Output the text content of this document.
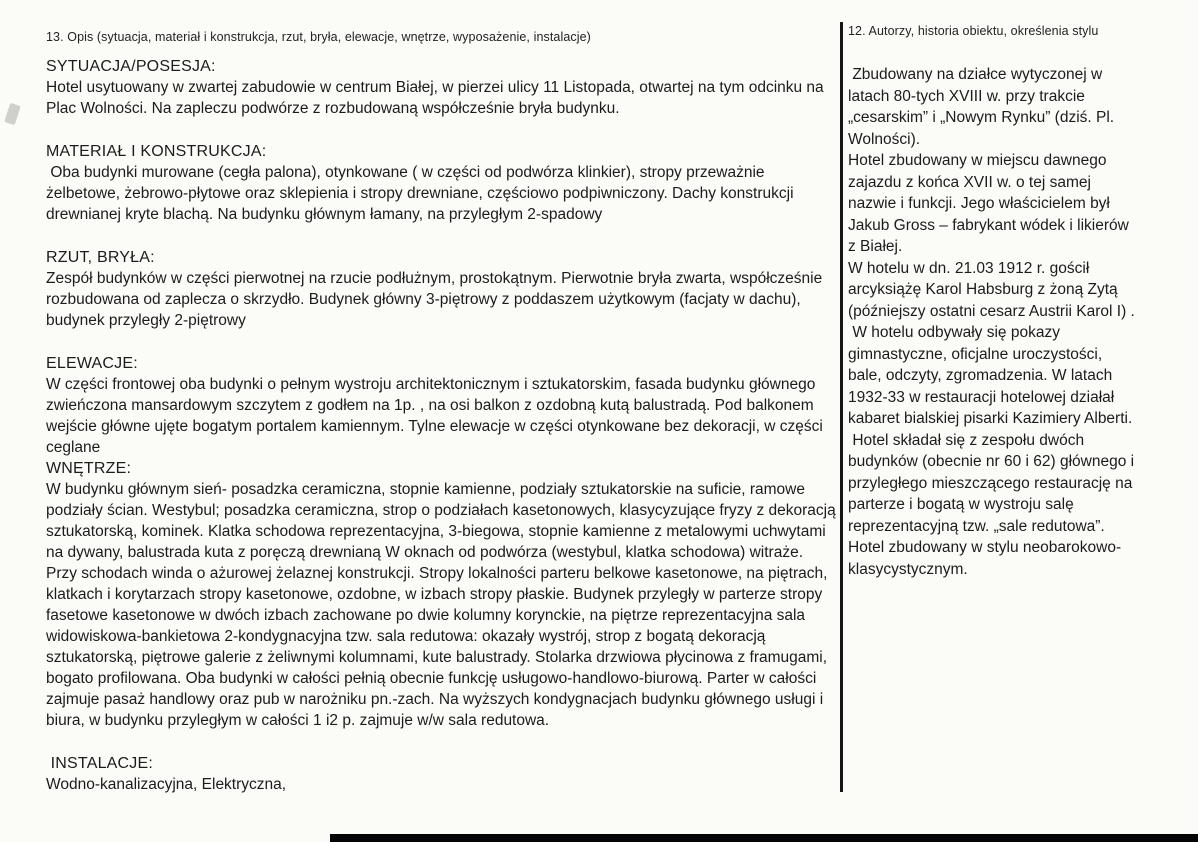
13. Opis (sytuacja, materiał i konstrukcja, rzut, bryła, elewacje, wnętrze, wyposażenie, instalacje)
SYTUACJA/POSESJA:
Hotel usytuowany w zwartej zabudowie w centrum Białej, w pierzei ulicy 11 Listopada, otwartej na tym odcinku na Plac Wolności. Na zapleczu podwórze z rozbudowaną współcześnie bryła budynku.
MATERIAŁ I KONSTRUKCJA:
Oba budynki murowane (cegła palona), otynkowane ( w części od podwórza klinkier), stropy przeważnie żelbetowe, żebrowo-płytowe oraz sklepienia i stropy drewniane, częściowo podpiwniczony. Dachy konstrukcji drewnianej kryte blachą. Na budynku głównym łamany, na przyległym 2-spadowy
RZUT, BRYŁA:
Zespół budynków w części pierwotnej na rzucie podłużnym, prostokątnym. Pierwotnie bryła zwarta, współcześnie rozbudowana od zaplecza o skrzydło. Budynek główny 3-piętrowy z poddaszem użytkowym (facjaty w dachu), budynek przyległy 2-piętrowy
ELEWACJE:
W części frontowej oba budynki o pełnym wystroju architektonicznym i sztukatorskim, fasada budynku głównego zwieńczona mansardowym szczytem z godłem na 1p. , na osi balkon z ozdobną kutą balustradą. Pod balkonem wejście główne ujęte bogatym portalem kamiennym. Tylne elewacje w części otynkowane bez dekoracji, w części ceglane
WNĘTRZE:
W budynku głównym sień- posadzka ceramiczna, stopnie kamienne, podziały sztukatorskie na suficie, ramowe podziały ścian. Westybul; posadzka ceramiczna, strop o podziałach kasetonowych, klasycyzujące fryzy z dekoracją sztukatorską, kominek. Klatka schodowa reprezentacyjna, 3-biegowa, stopnie kamienne z metalowymi uchwytami na dywany, balustrada kuta z poręczą drewnianą W oknach od podwórza (westybul, klatka schodowa) witraże. Przy schodach winda o ażurowej żelaznej konstrukcji. Stropy lokalności parteru belkowe kasetonowe, na piętrach, klatkach i korytarzach stropy kasetonowe, ozdobne, w izbach stropy płaskie. Budynek przyległy w parterze stropy fasetowe kasetonowe w dwóch izbach zachowane po dwie kolumny korynckie, na piętrze reprezentacyjna sala widowiskowa-bankietowa 2-kondygnacyjna tzw. sala redutowa: okazały wystrój, strop z bogatą dekoracją sztukatorską, piętrowe galerie z żeliwnymi kolumnami, kute balustrady. Stolarka drzwiowa płycinowa z framugami, bogato profilowana. Oba budynki w całości pełnią obecnie funkcję usługowo-handlowo-biurową. Parter w całości zajmuje pasaż handlowy oraz pub w narożniku pn.-zach. Na wyższych kondygnacjach budynku głównego usługi i biura, w budynku przyległym w całości 1 i2 p. zajmuje w/w sala redutowa.
INSTALACJE:
Wodno-kanalizacyjna, Elektryczna,
12. Autorzy, historia obiektu, określenia stylu

Zbudowany na działce wytyczonej w latach 80-tych XVIII w. przy trakcie „cesarskim” i „Nowym Rynku” (dziś. Pl. Wolności).

Hotel zbudowany w miejscu dawnego zajazdu z końca XVII w. o tej samej nazwie i funkcji. Jego właścicielem był Jakub Gross – fabrykant wódek i likierów z Białej.

W hotelu w dn. 21.03 1912 r. gościł arcyksiążę Karol Habsburg z żoną Zytą (późniejszy ostatni cesarz Austrii Karol I) .

W hotelu odbywały się pokazy gimnastyczne, oficjalne uroczystości, bale, odczyty, zgromadzenia. W latach 1932-33 w restauracji hotelowej działał kabaret bialskiej pisarki Kazimiery Alberti.

Hotel składał się z zespołu dwóch budynków (obecnie nr 60 i 62) głównego i przyległego mieszczącego restaurację na parterze i bogatą w wystroju salę reprezentacyjną tzw. „sale redutowa”.

Hotel zbudowany w stylu neobarokowo-klasycystycznym.
